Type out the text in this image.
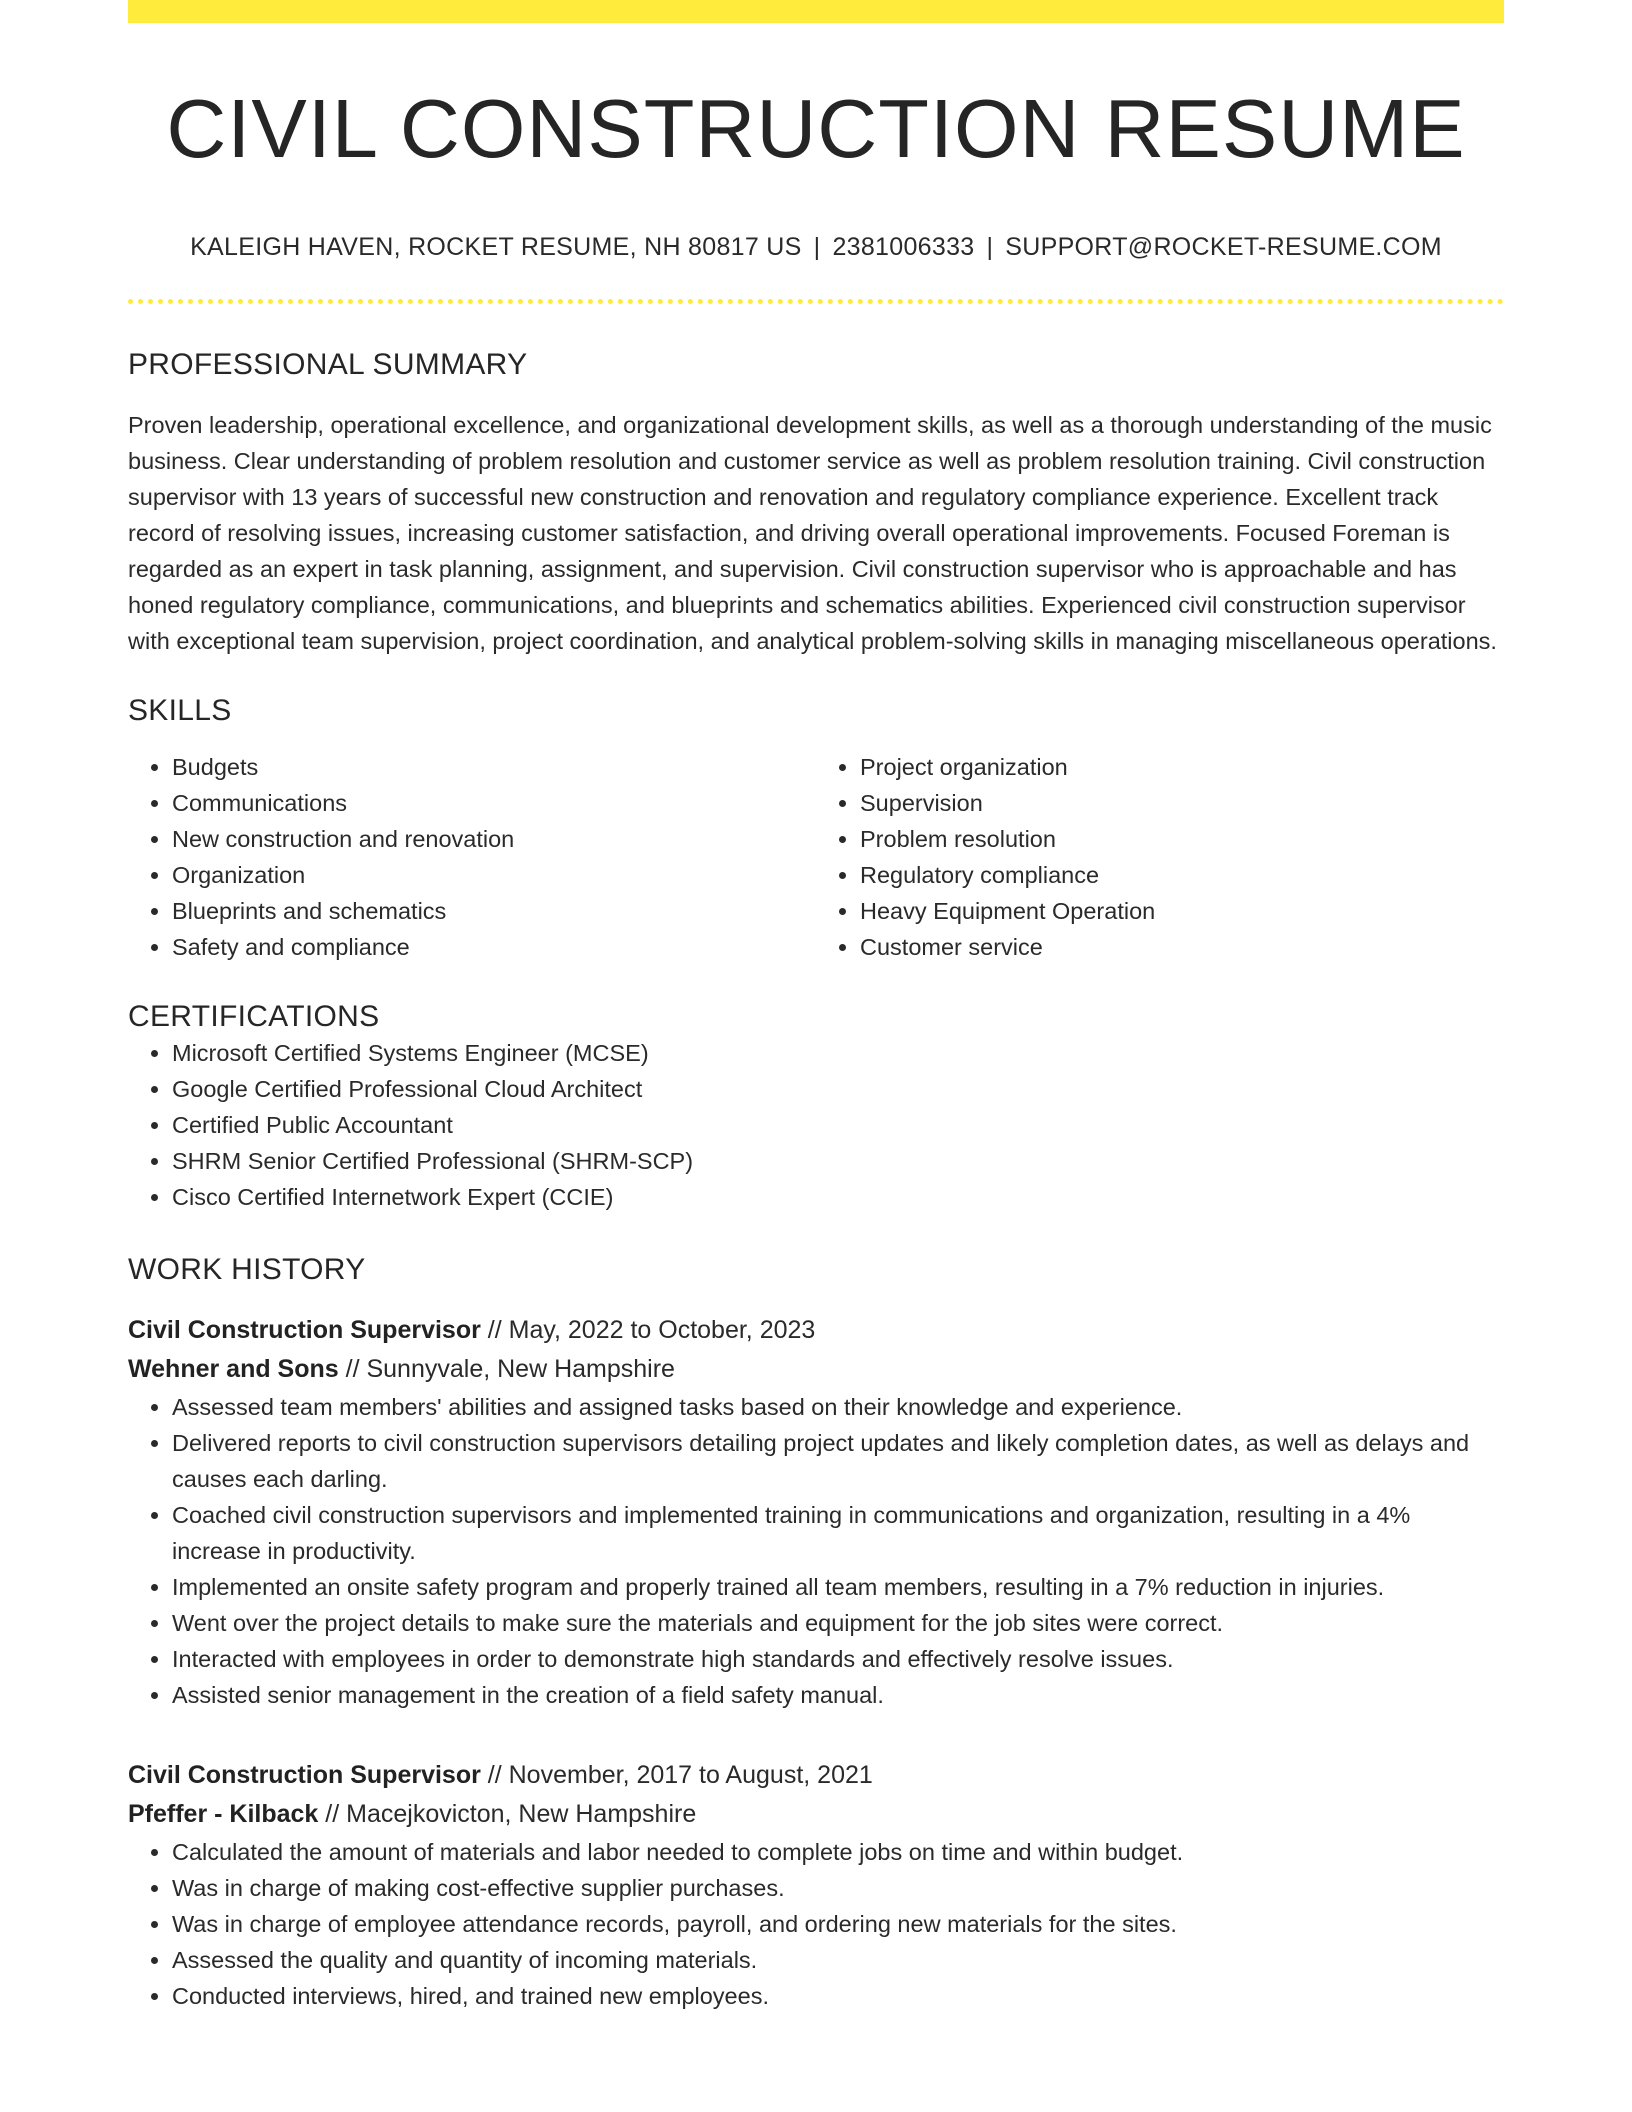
CIVIL CONSTRUCTION RESUME
KALEIGH HAVEN, ROCKET RESUME, NH 80817 US | 2381006333 | SUPPORT@ROCKET-RESUME.COM
PROFESSIONAL SUMMARY

Proven leadership, operational excellence, and organizational development skills, as well as a thorough understanding of the music business. Clear understanding of problem resolution and customer service as well as problem resolution training. Civil construction supervisor with 13 years of successful new construction and renovation and regulatory compliance experience. Excellent track record of resolving issues, increasing customer satisfaction, and driving overall operational improvements. Focused Foreman is regarded as an expert in task planning, assignment, and supervision. Civil construction supervisor who is approachable and has honed regulatory compliance, communications, and blueprints and schematics abilities. Experienced civil construction supervisor with exceptional team supervision, project coordination, and analytical problem-solving skills in managing miscellaneous operations.

SKILLS
• Budgets
• Communications
• New construction and renovation
• Organization
• Blueprints and schematics
• Safety and compliance
• Project organization
• Supervision
• Problem resolution
• Regulatory compliance
• Heavy Equipment Operation
• Customer service
CERTIFICATIONS
• Microsoft Certified Systems Engineer (MCSE)
• Google Certified Professional Cloud Architect
• Certified Public Accountant
• SHRM Senior Certified Professional (SHRM-SCP)
• Cisco Certified Internetwork Expert (CCIE)
WORK HISTORY
Civil Construction Supervisor // May, 2022 to October, 2023
Wehner and Sons // Sunnyvale, New Hampshire
• Assessed team members' abilities and assigned tasks based on their knowledge and experience.
• Delivered reports to civil construction supervisors detailing project updates and likely completion dates, as well as delays and causes each darling.
• Coached civil construction supervisors and implemented training in communications and organization, resulting in a 4% increase in productivity.
• Implemented an onsite safety program and properly trained all team members, resulting in a 7% reduction in injuries.
• Went over the project details to make sure the materials and equipment for the job sites were correct.
• Interacted with employees in order to demonstrate high standards and effectively resolve issues.
• Assisted senior management in the creation of a field safety manual.
Civil Construction Supervisor // November, 2017 to August, 2021
Pfeffer - Kilback // Macejkovicton, New Hampshire
• Calculated the amount of materials and labor needed to complete jobs on time and within budget.
• Was in charge of making cost-effective supplier purchases.
• Was in charge of employee attendance records, payroll, and ordering new materials for the sites.
• Assessed the quality and quantity of incoming materials.
• Conducted interviews, hired, and trained new employees.
